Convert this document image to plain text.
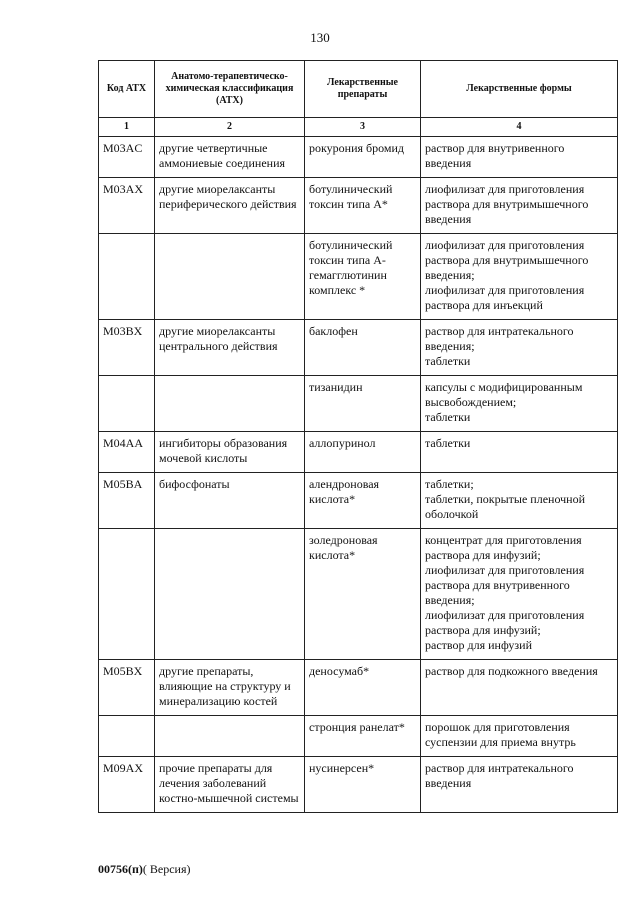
130
Код АТХ	Анатомо-терапевтическо-химическая классификация (АТХ)	Лекарственные препараты	Лекарственные формы
1	2	3	4
M03AC	другие четвертичные аммониевые соединения	рокурония бромид	раствор для внутривенного введения

M03AX	другие миорелаксанты периферического действия	ботулинический токсин типа А*	лиофилизат для приготовления раствора для внутримышечного введения

		ботулинический токсин типа А-гемагглютинин комплекс *	лиофилизат для приготовления раствора для внутримышечного введения;
лиофилизат для приготовления раствора для инъекций

M03BX	другие миорелаксанты центрального действия	баклофен	раствор для интратекального введения;
таблетки

		тизанидин	капсулы с модифицированным высвобождением;
таблетки

M04AA	ингибиторы образования мочевой кислоты	аллопуринол	таблетки

M05BA	бифосфонаты	алендроновая кислота*	таблетки;
таблетки, покрытые пленочной оболочкой

		золедроновая кислота*	концентрат для приготовления раствора для инфузий;
лиофилизат для приготовления раствора для внутривенного введения;
лиофилизат для приготовления раствора для инфузий;
раствор для инфузий

M05BX	другие препараты, влияющие на структуру и минерализацию костей	деносумаб*	раствор для подкожного введения

		стронция ранелат*	порошок для приготовления суспензии для приема внутрь

M09AX	прочие препараты для лечения заболеваний костно-мышечной системы	нусинерсен*	раствор для интратекального введения
00756(п)( Версия)
